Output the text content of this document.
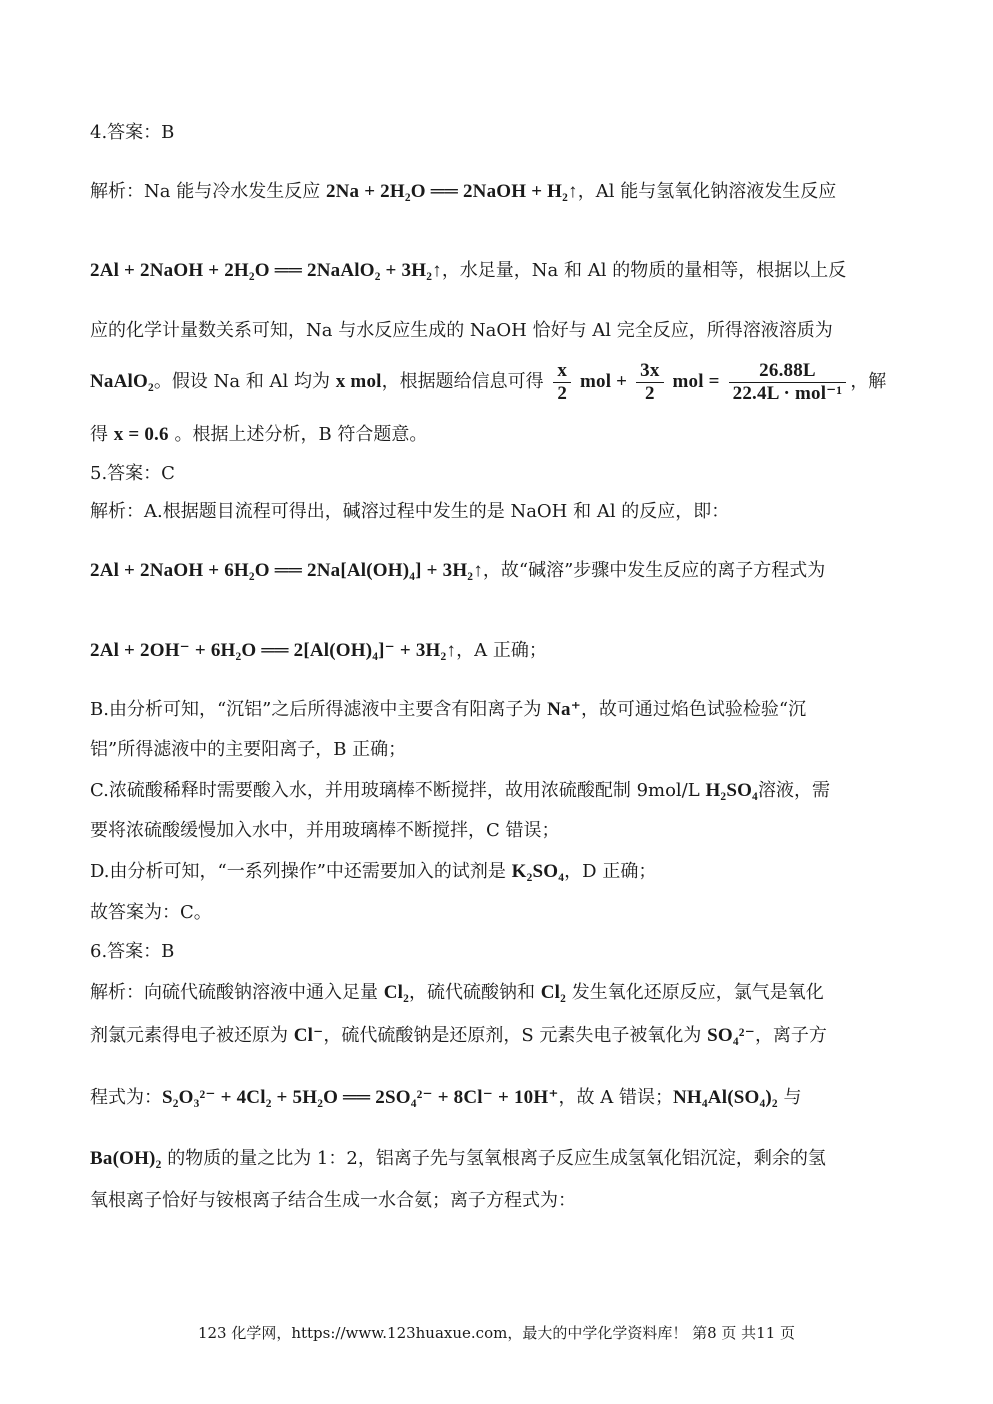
4.答案：B
解析：Na 能与冷水发生反应 2Na + 2H₂O ══ 2NaOH + H₂↑，Al 能与氢氧化钠溶液发生反应
2Al + 2NaOH + 2H₂O ══ 2NaAlO₂ + 3H₂↑，水足量，Na 和 Al 的物质的量相等，根据以上反
应的化学计量数关系可知，Na 与水反应生成的 NaOH 恰好与 Al 完全反应，所得溶液溶质为
NaAlO₂。假设 Na 和 Al 均为 x mol，根据题给信息可得 $\frac{x}{2}$ mol + $\frac{3x}{2}$ mol = $\frac{26.88L}{\text{22.4L · mol⁻¹}}$ ，解
得 x = 0.6 。根据上述分析，B 符合题意。
5.答案：C
解析：A.根据题目流程可得出，碱溶过程中发生的是 NaOH 和 Al 的反应，即：
2Al + 2NaOH + 6H₂O ══ 2Na[Al(OH)₄] + 3H₂↑，故“碱溶”步骤中发生反应的离子方程式为
2Al + 2OH⁻ + 6H₂O ══ 2[Al(OH)₄]⁻ + 3H₂↑，A 正确；
B.由分析可知，“沉铝”之后所得滤液中主要含有阳离子为 Na⁺，故可通过焰色试验检验“沉
铝”所得滤液中的主要阳离子，B 正确；
C.浓硫酸稀释时需要酸入水，并用玻璃棒不断搅拌，故用浓硫酸配制 9mol/L H₂SO₄溶液，需
要将浓硫酸缓慢加入水中，并用玻璃棒不断搅拌，C 错误；
D.由分析可知，“一系列操作”中还需要加入的试剂是 K₂SO₄，D 正确；
故答案为：C。
6.答案：B
解析：向硫代硫酸钠溶液中通入足量 Cl₂，硫代硫酸钠和 Cl₂ 发生氧化还原反应，氯气是氧化
剂氯元素得电子被还原为 Cl⁻，硫代硫酸钠是还原剂，S 元素失电子被氧化为 SO₄²⁻，离子方
程式为：S₂O₃²⁻ + 4Cl₂ + 5H₂O ══ 2SO₄²⁻ + 8Cl⁻ + 10H⁺，故 A 错误；NH₄Al(SO₄)₂ 与
Ba(OH)₂ 的物质的量之比为 1：2，铝离子先与氢氧根离子反应生成氢氧化铝沉淀，剩余的氢
氧根离子恰好与铵根离子结合生成一水合氨；离子方程式为：
123 化学网，https://www.123huaxue.com，最大的中学化学资料库！ 第8 页 共11 页
